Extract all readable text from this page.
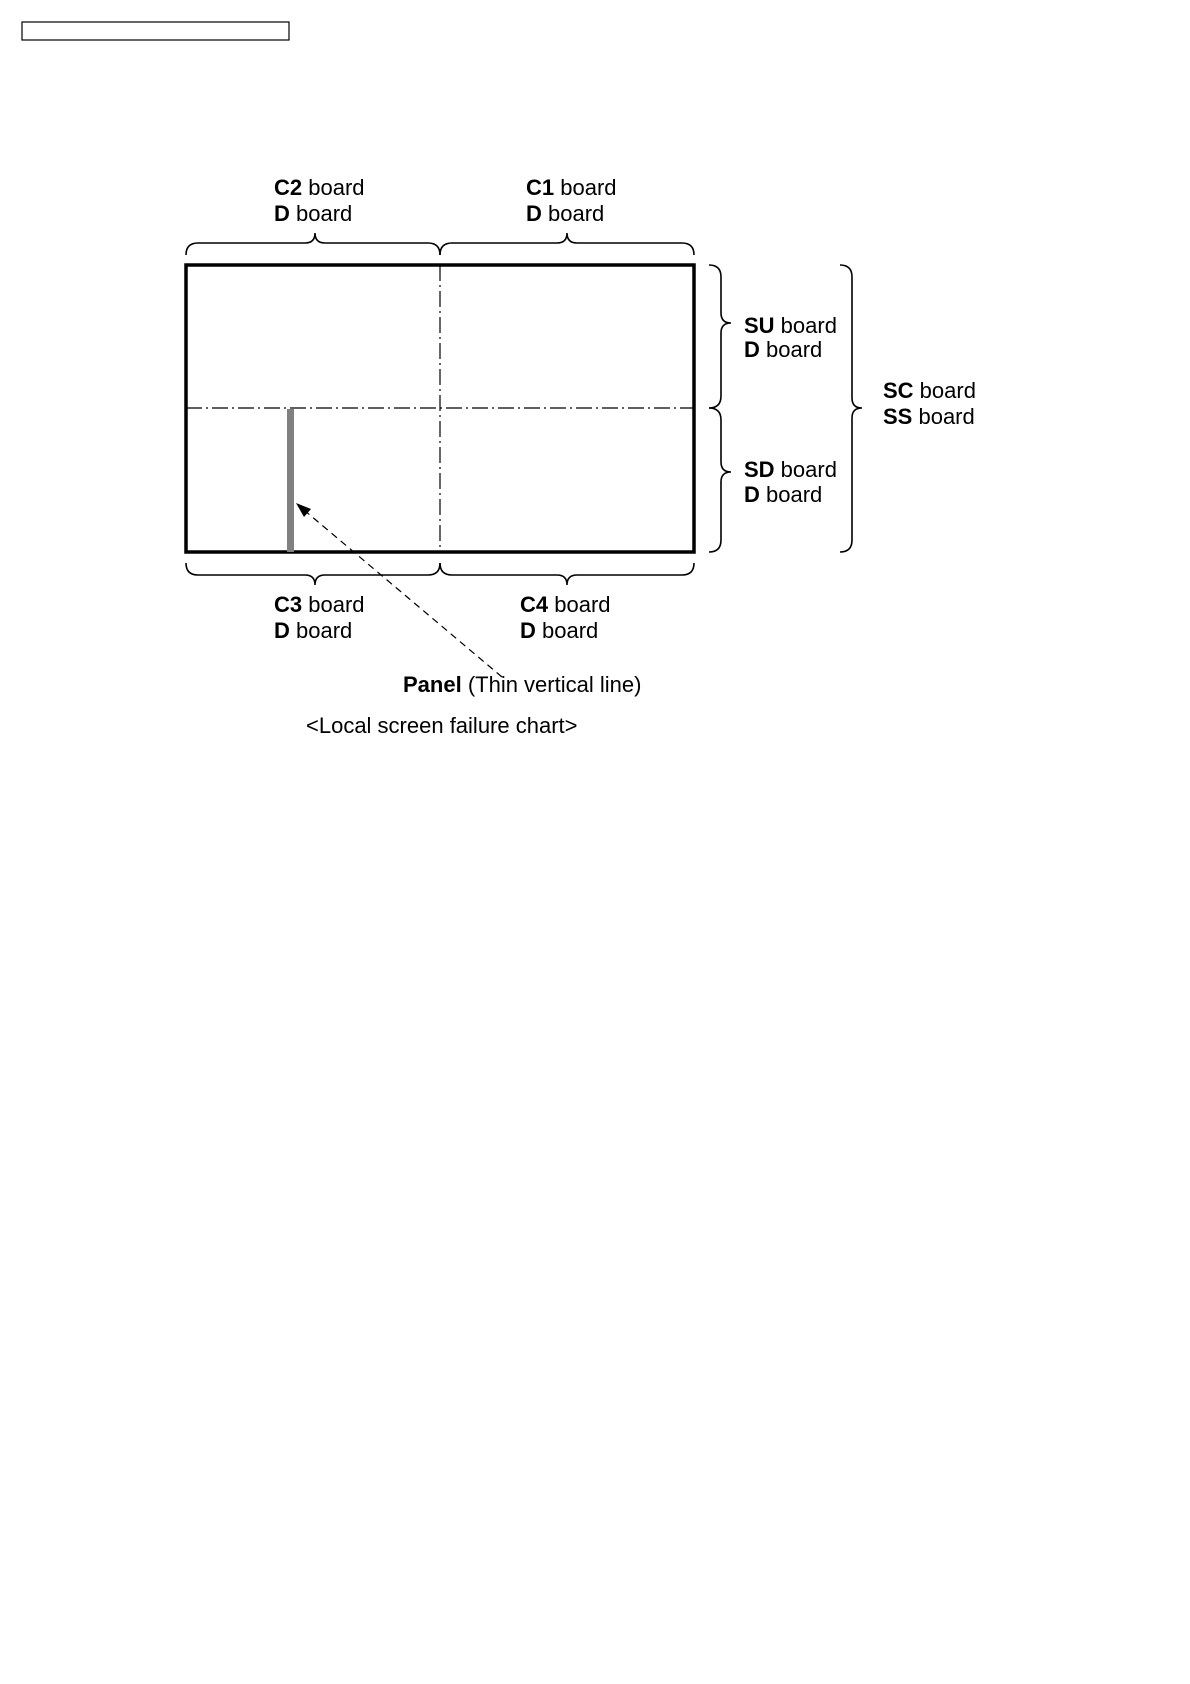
C2 board
D board
C1 board
D board
C3 board
D board
C4 board
D board
SU board
D board
SD board
D board
SC board
SS board
Panel (Thin vertical line)
<Local screen failure chart>
